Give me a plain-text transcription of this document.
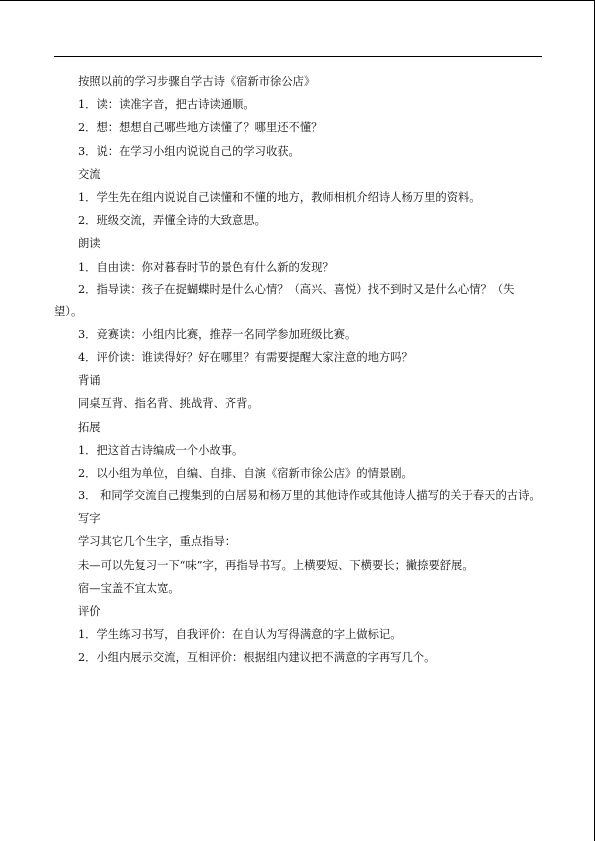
按照以前的学习步骤自学古诗《宿新市徐公店》

1．读：读准字音，把古诗读通顺。

2．想：想想自己哪些地方读懂了？哪里还不懂？

3．说：在学习小组内说说自己的学习收获。

交流

1．学生先在组内说说自己读懂和不懂的地方，教师相机介绍诗人杨万里的资料。

2．班级交流，弄懂全诗的大致意思。

朗读

1．自由读：你对暮春时节的景色有什么新的发现？

2．指导读：孩子在捉蝴蝶时是什么心情？（高兴、喜悦）找不到时又是什么心情？（失望）。

3．竞赛读：小组内比赛，推荐一名同学参加班级比赛。

4．评价读：谁读得好？好在哪里？有需要提醒大家注意的地方吗？

背诵

同桌互背、指名背、挑战背、齐背。

拓展

1．把这首古诗编成一个小故事。

2．以小组为单位，自编、自排、自演《宿新市徐公店》的情景剧。

3． 和同学交流自己搜集到的白居易和杨万里的其他诗作或其他诗人描写的关于春天的古诗。

写字

学习其它几个生字，重点指导：

未—可以先复习一下“味”字，再指导书写。上横要短、下横要长；撇捺要舒展。

宿—宝盖不宜太宽。

评价

1．学生练习书写，自我评价：在自认为写得满意的字上做标记。

2．小组内展示交流，互相评价：根据组内建议把不满意的字再写几个。
